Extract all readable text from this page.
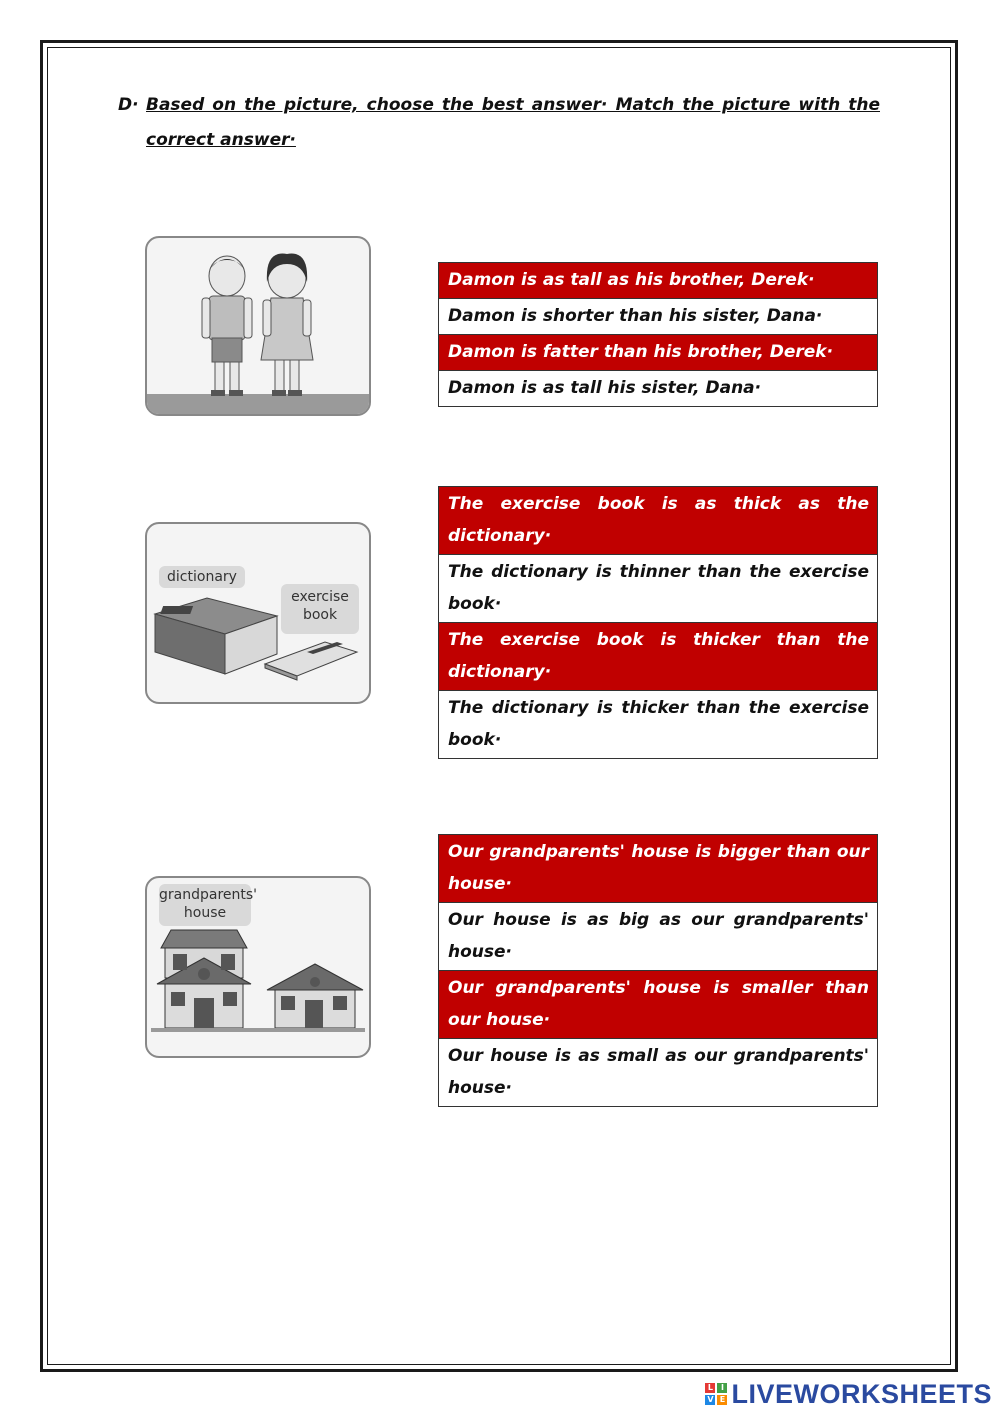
D· Based on the picture, choose the best answer· Match the picture with the correct answer·
Damon is as tall as his brother, Derek·
Damon is shorter than his sister, Dana·
Damon is fatter than his brother, Derek·
Damon is as tall his sister, Dana·
dictionary
exercise book
The exercise book is as thick as the dictionary·
The dictionary is thinner than the exercise book·
The exercise book is thicker than the dictionary·
The dictionary is thicker than the exercise book·
grandparents' house
Our grandparents' house is bigger than our house·
Our house is as big as our grandparents' house·
Our grandparents' house is smaller than our house·
Our house is as small as our grandparents' house·
L I
V E LIVEWORKSHEETS
